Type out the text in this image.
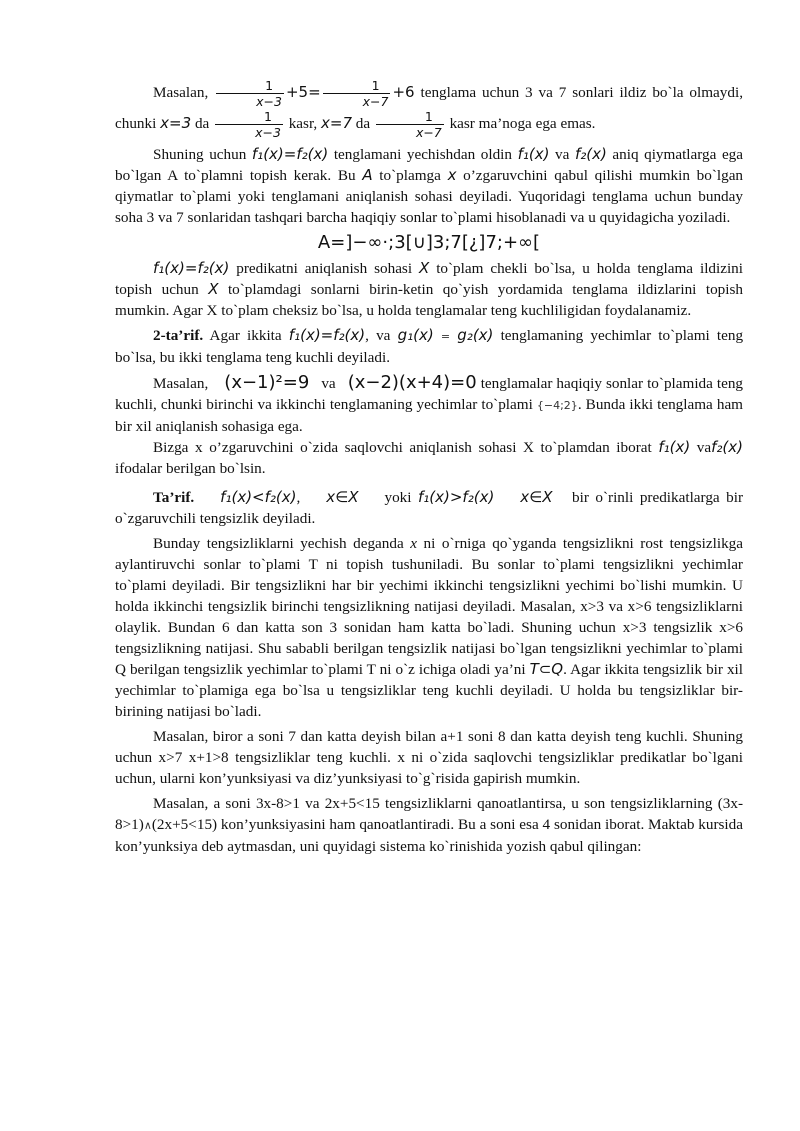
Masalan, $\frac{1}{x-3} +5= \frac{1}{x-7} +6$ tenglama uchun 3 va 7 sonlari ildiz bo`la olmaydi, chunki x=3 da $\frac{1}{x-3}$ kasr, x=7 da $\frac{1}{x-7}$ kasr ma’noga ega emas.

Shuning uchun f₁(x)=f₂(x) tenglamani yechishdan oldin f₁(x) va f₂(x) aniq qiymatlarga ega bo`lgan A to`plamni topish kerak. Bu A to`plamga x o’zgaruvchini qabul qilishi mumkin bo`lgan qiymatlar to`plami yoki tenglamani aniqlanish sohasi deyiladi. Yuqoridagi tenglama uchun bunday soha 3 va 7 sonlaridan tashqari barcha haqiqiy sonlar to`plami hisoblanadi va u quyidagicha yoziladi.

A=]−∞·;3[∪]3;7[¿]7;+∞[

f₁(x)=f₂(x) predikatni aniqlanish sohasi X to`plam chekli bo`lsa, u holda tenglama ildizini topish uchun X to`plamdagi sonlarni birin-ketin qo`yish yordamida tenglama ildizlarini topish mumkin. Agar X to`plam cheksiz bo`lsa, u holda tenglamalar teng kuchliligidan foydalanamiz.

2-ta’rif. Agar ikkita f₁(x)=f₂(x), va g₁(x) = g₂(x) tenglamaning yechimlar to`plami teng bo`lsa, bu ikki tenglama teng kuchli deyiladi.

Masalan, (x−1)²=9 va (x−2)(x+4)=0 tenglamalar haqiqiy sonlar to`plamida teng kuchli, chunki birinchi va ikkinchi tenglamaning yechimlar to`plami {−4;2}. Bunda ikki tenglama ham bir xil aniqlanish sohasiga ega.

Bizga x o’zgaruvchini o`zida saqlovchi aniqlanish sohasi X to`plamdan iborat f₁(x) vaf₂(x) ifodalar berilgan bo`lsin.

Ta’rif. f₁(x)<f₂(x), x∈X yoki f₁(x)>f₂(x) x∈X bir o`rinli predikatlarga bir o`zgaruvchili tengsizlik deyiladi.

Bunday tengsizliklarni yechish deganda x ni o`rniga qo`yganda tengsizlikni rost tengsizlikga aylantiruvchi sonlar to`plami T ni topish tushuniladi. Bu sonlar to`plami tengsizlikni yechimlar to`plami deyiladi. Bir tengsizlikni har bir yechimi ikkinchi tengsizlikni yechimi bo`lishi mumkin. U holda ikkinchi tengsizlik birinchi tengsizlikning natijasi deyiladi. Masalan, x>3 va x>6 tengsizliklarni olaylik. Bundan 6 dan katta son 3 sonidan ham katta bo`ladi. Shuning uchun x>3 tengsizlik x>6 tengsizlikning natijasi. Shu sababli berilgan tengsizlik natijasi bo`lgan tengsizlikni yechimlar to`plami Q berilgan tengsizlik yechimlar to`plami T ni o`z ichiga oladi ya’ni T⊂Q. Agar ikkita tengsizlik bir xil yechimlar to`plamiga ega bo`lsa u tengsizliklar teng kuchli deyiladi. U holda bu tengsizliklar bir-birining natijasi bo`ladi.

Masalan, biror a soni 7 dan katta deyish bilan a+1 soni 8 dan katta deyish teng kuchli. Shuning uchun x>7 x+1>8 tengsizliklar teng kuchli. x ni o`zida saqlovchi tengsizliklar predikatlar bo`lgani uchun, ularni kon’yunksiyasi va diz’yunksiyasi to`g`risida gapirish mumkin.

Masalan, a soni 3x-8>1 va 2x+5<15 tengsizliklarni qanoatlantirsa, u son tengsizliklarning (3x-8>1)∧(2x+5<15) kon’yunksiyasini ham qanoatlantiradi. Bu a soni esa 4 sonidan iborat. Maktab kursida kon’yunksiya deb aytmasdan, uni quyidagi sistema ko`rinishida yozish qabul qilingan:
